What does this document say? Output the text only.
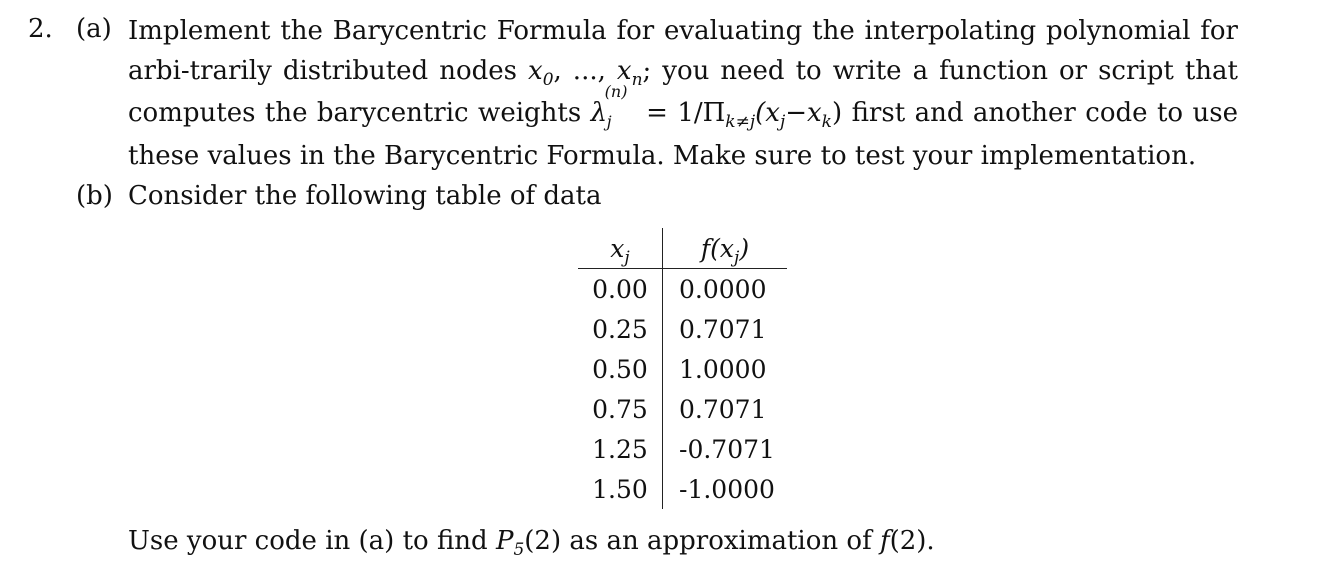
2. (a) Implement the Barycentric Formula for evaluating the interpolating polynomial for arbi-trarily distributed nodes $x_0$, ..., $x_n$; you need to write a function or script that computes the barycentric weights λ
(n)
$j = 1/\Pi_{k\ne j}(x_j-x_k)$ first and another code to use these values in the Barycentric Formula. Make sure to test your implementation.
(b) Consider the following table of data
$x_j$	$f(x_j)$
0.00	0.0000
0.25	0.7071
0.50	1.0000
0.75	0.7071
1.25	-0.7071
1.50	-1.0000
Use your code in (a) to find $P_5(2)$ as an approximation of f(2).
